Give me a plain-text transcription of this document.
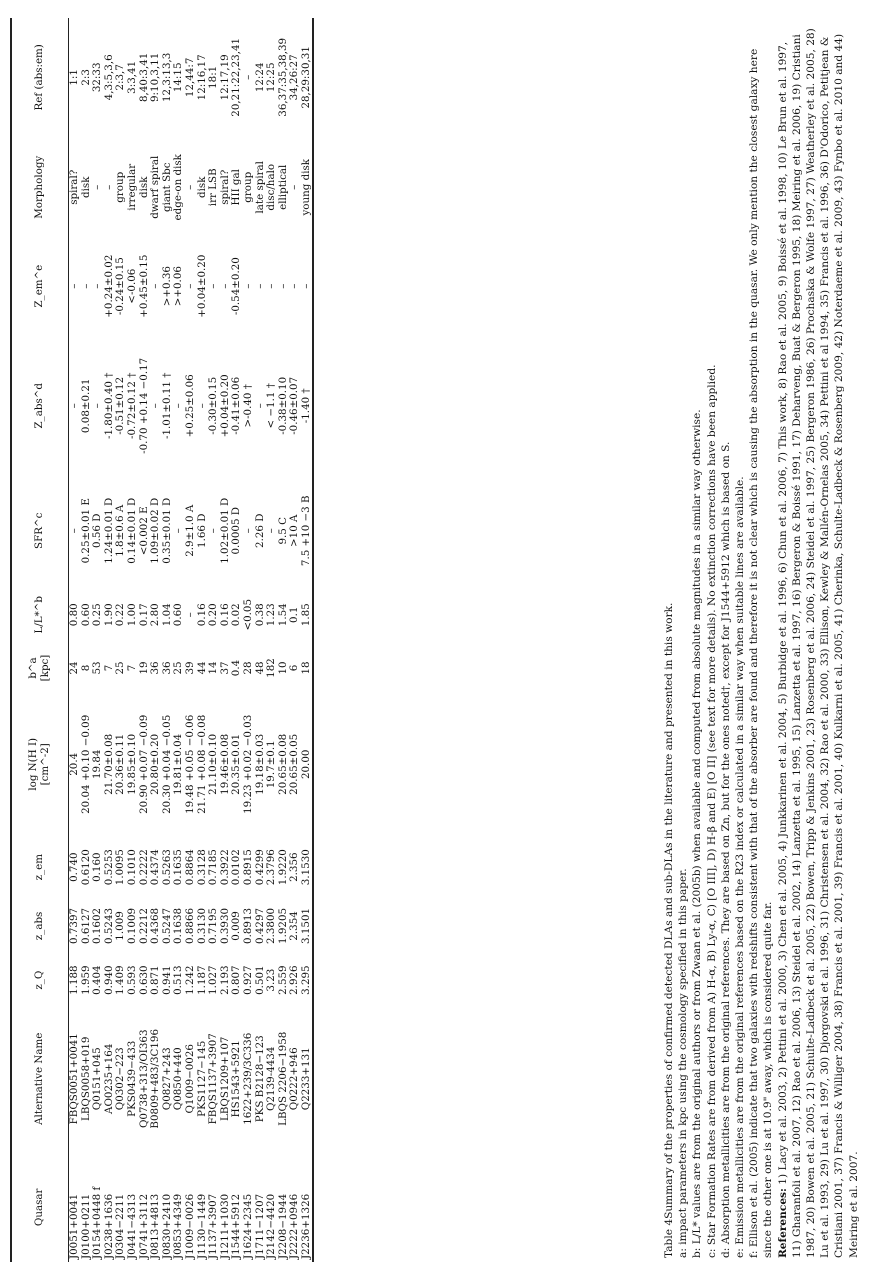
Quasar	Alternative Name	z_Q	z_abs	z_em	log N(H I) [cm^-2]	b^a [kpc]	L/L*^b	SFR^c	Z_abs^d	Z_em^e	Morphology	Ref (abs:em)
J0051+0041	FBQS0051+0041	1.188	0.7397	0.740	20.4	24	0.80	–	–	–	spiral?	1:1
J0100+0211	LBQS0058+019	1.959	0.6127	0.6120	20.04 +0.10 −0.09	8	0.60	0.25±0.01 E	0.08±0.21	–	disk	2:3
J0154+0448 f	Q0151+045	0.404	0.1602	0.160	19.84	53	0.25	0.56 D	–	–	–	32:33
J0238+1636	AO0235+164	0.940	0.5243	0.5253	21.70±0.08	7	1.90	1.24±0.01 D	-1.80±0.40 †	+0.24±0.02	–	4,3:5,3,6
J0304−2211	Q0302−223	1.409	1.009	1.0095	20.36±0.11	25	0.22	1.8±0.6 A	-0.51±0.12	-0.24±0.15	group	2:3,7
J0441−4313	PKS0439−433	0.593	0.1009	0.1010	19.85±0.10	7	1.00	0.14±0.01 D	-0.72±0.12 †	<-0.06	irregular	3:3,41
J0741+3112	Q0738+313/OI363	0.630	0.2212	0.2222	20.90 +0.07 −0.09	19	0.17	<0.002 E	-0.70 +0.14 −0.17	+0.45±0.15	disk	8,40:3,41
J0813+4813	B0809+483/3C196	0.871	0.4368	0.4374	20.80±0.20	36	2.80	1.09±0.02 D	–	–	dwarf spiral	9:10,3,11
J0830+2410	Q0827+243	0.941	0.5247	0.5263	20.30 +0.04 −0.05	36	1.04	0.35±0.01 D	-1.01±0.11 †	>+0.36	giant Sbc	12,3:13,3
J0853+4349	Q0850+440	0.513	0.1638	0.1635	19.81±0.04	25	0.60	–	–	>+0.06	edge-on disk	14:15
J1009−0026	Q1009−0026	1.242	0.8866	0.8864	19.48 +0.05 −0.06	39	–	2.9±1.0 A	+0.25±0.06	–	–	12,44:7
J1130−1449	PKS1127−145	1.187	0.3130	0.3128	21.71 +0.08 −0.08	44	0.16	1.66 D	–	+0.04±0.20	disk	12:16,17
J1137+3907	FBQS1137+3907	1.027	0.7195	0.7185	21.10±0.10	14	0.20	–	-0.30±0.15	–	irr LSB	18:1
J1211+1030	LBQS1209+107	2.193	0.3930	0.3922	19.46±0.08	37	0.16	1.02±0.01 D	+0.04±0.20	–	spiral?	12:17,19
J1544+5912	HS1543+5921	0.807	0.009	0.0102	20.35±0.01	0.4	0.02	0.0005 D	-0.41±0.06	-0.54±0.20	HII gal	20,21:22,23,41
J1624+2345	1622+239/3C336	0.927	0.8913	0.8915	19.23 +0.02 −0.03	28	<0.05	–	>-0.40 †	–	group	–
J1711−1207	PKS B2128−123	0.501	0.4297	0.4299	19.18±0.03	48	0.38	2.26 D	–	–	late spiral	12:24
J2142−4420	Q2139-4434	3.23	2.3800	2.3796	19.7±0.1	182	1.23	–	< −1.1 †	–	disc/halo	12:25
J2208−1944	LBQS 2206−1958	2.559	1.9205	1.9220	20.65±0.08	10	1.54	9.5 C	-0.38±0.10	–	elliptical	36,37:35,38,39
J2222+0946	Q0222+946	2.926	2.354	2.356	20.65±0.05	6	0.1	>10 A	-0.46±0.07	–	–	34,26:27
J2236+1326	Q2233+131	3.295	3.1501	3.1530	20.00	18	1.85	7.5 +10 −3 B	-1.40 †	–	young disk	28,29:30,31

Table 4Summary of the properties of confirmed detected DLAs and sub-DLAs in the literature and presented in this work. a: impact parameters in kpc using the cosmology specified in this paper. b: L/L* values are from the original authors or from Zwaan et al. (2005b) when available and computed from absolute magnitudes in a similar way otherwise. c: Star Formation Rates are from derived from A) H-α, B) Ly-α, C) [O III], D) H-β and E) [O II] (see text for more details). No extinction corrections have been applied. d: Absorption metallicities are from the original references. They are based on Zn, but for the ones noted†, except for J1544+5912 which is based on S. e: Emission metallicities are from the original references based on the R23 index or calculated in a similar way when suitable lines are available. f: Ellison et al. (2005) indicate that two galaxies with redshifts consistent with that of the absorber are found and therefore it is not clear which is causing the absorption in the quasar. We only mention the closest galaxy here since the other one is at 10.9" away, which is considered quite far. References: 1) Lacy et al. 2003, 2) Pettini et al. 2000, 3) Chen et al. 2005, 4) Junkkarinen et al. 2004, 5) Burbidge et al. 1996, 6) Chun et al. 2006, 7) This work, 8) Rao et al. 2005, 9) Boissé et al. 1998, 10) Le Brun et al. 1997, 11) Gharanfoli et al. 2007, 12) Rao et al. 2006, 13) Steidel et al. 2002, 14) Lanzetta et al. 1995, 15) Lanzetta et al. 1997, 16) Bergeron & Boissé 1991, 17) Deharveng, Buat & Bergeron 1995, 18) Meiring et al. 2006, 19) Cristiani 1987, 20) Bowen et al. 2005, 21) Schulte-Ladbeck et al. 2005, 22) Bowen, Tripp & Jenkins 2001, 23) Rosenberg et al. 2006, 24) Steidel et al. 1997, 25) Bergeron 1986, 26) Prochaska & Wolfe 1997, 27) Weatherley et al. 2005, 28) Lu et al. 1993, 29) Lu et al. 1997, 30) Djorgovski et al. 1996, 31) Christensen et al. 2004, 32) Rao et al. 2000, 33) Ellison, Kewley & Mallén-Ornelas 2005, 34) Pettini et al 1994, 35) Francis et al. 1996, 36) D'Odorico, Petitjean & Cristiani 2001, 37) Francis & Williger 2004, 38) Francis et al. 2001, 39) Francis et al. 2001, 40) Kulkarni et al. 2005, 41) Cherinka, Schulte-Ladbeck & Rosenberg 2009, 42) Noterdaeme et al. 2009, 43) Fynbo et al. 2010 and 44) Meiring et al. 2007.
